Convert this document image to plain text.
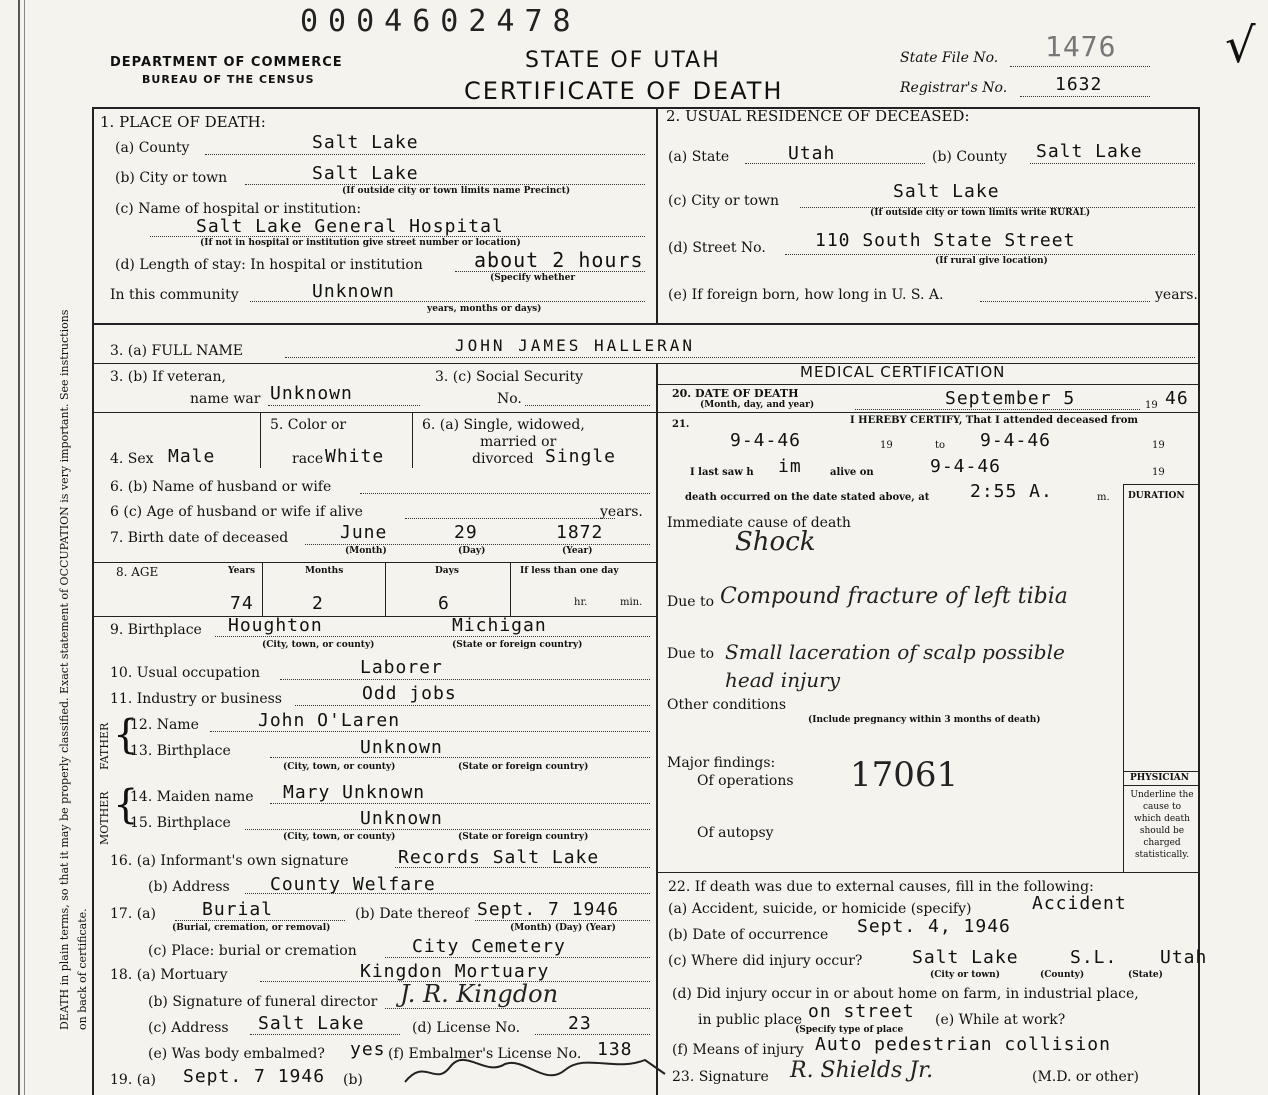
0004602478
DEPARTMENT OF COMMERCE
BUREAU OF THE CENSUS
STATE OF UTAH
CERTIFICATE OF DEATH
State File No. 1476
Registrar's No.	1632
√
DEATH in plain terms, so that it may be properly classified. Exact statement of OCCUPATION is very important. See instructions on back of certificate.
1. PLACE OF DEATH:
(a) County	Salt Lake
(b) City or town	Salt Lake
(If outside city or town limits name Precinct)
(c) Name of hospital or institution:
Salt Lake General Hospital
(If not in hospital or institution give street number or location)
(d) Length of stay: In hospital or institution	about 2 hours
(Specify whether
In this community	Unknown
years, months or days)
2. USUAL RESIDENCE OF DECEASED:
(a) State	Utah	(b) County Salt Lake
(c) City or town	Salt Lake
(If outside city or town limits write RURAL)
(d) Street No.	110 South State Street
(If rural give location)
(e) If foreign born, how long in U. S. A.	years.
3. (a) FULL NAME	JOHN JAMES HALLERAN
3. (b) If veteran,
name war Unknown
3. (c) Social Security
No.
MEDICAL CERTIFICATION
20. DATE OF DEATH
(Month, day, and year)	September 5	19 46
4. Sex Male
5. Color or
race White
6. (a) Single, widowed,
married or
divorced Single
6. (b) Name of husband or wife
6 (c) Age of husband or wife if alive	years.
7. Birth date of deceased	June	29	1872
(Month)	(Day)	(Year)
8. AGE	Years	Months	Days	If less than one day
74	2	6	hr.	min.
9. Birthplace Houghton	Michigan
(City, town, or county)	(State or foreign country)
10. Usual occupation	Laborer
11. Industry or business	Odd jobs
FATHER
MOTHER
{
{
12. Name	John O'Laren
13. Birthplace	Unknown
(City, town, or county)	(State or foreign country)
14. Maiden name Mary Unknown
15. Birthplace	Unknown
(City, town, or county)	(State or foreign country)
16. (a) Informant's own signature	Records Salt Lake
(b) Address County Welfare
17. (a)	Burial
(Burial, cremation, or removal)
(b) Date thereof Sept. 7 1946
(Month) (Day) (Year)
(c) Place: burial or cremation	City Cemetery
18. (a) Mortuary	Kingdon Mortuary
(b) Signature of funeral director J. R. Kingdon
(c) Address Salt Lake	(d) License No.	23
(e) Was body embalmed? yes (f) Embalmer's License No. 138
19. (a) Sept. 7 1946 (b)
21.	I HEREBY CERTIFY, That I attended deceased from
9-4-46	19	to 9-4-46	19
I last saw h im	alive on	9-4-46	19
death occurred on the date stated above, at 2:55 A.	m. DURATION
Immediate cause of death
Shock
Due to Compound fracture of left tibia
Due to Small laceration of scalp possible head injury
Other conditions
(Include pregnancy within 3 months of death)
Major findings:
Of operations 17061
Of autopsy
PHYSICIAN
Underline the cause to which death should be charged statistically.
22. If death was due to external causes, fill in the following:
(a) Accident, suicide, or homicide (specify)	Accident
(b) Date of occurrence Sept. 4, 1946
(c) Where did injury occur?	Salt Lake	S.L. Utah
(City or town)	(County)	(State)
(d) Did injury occur in or about home on farm, in industrial place,
in public place on street
(Specify type of place
(e) While at work?
(f) Means of injury Auto pedestrian collision
23. Signature R. Shields Jr.	(M.D. or other)
